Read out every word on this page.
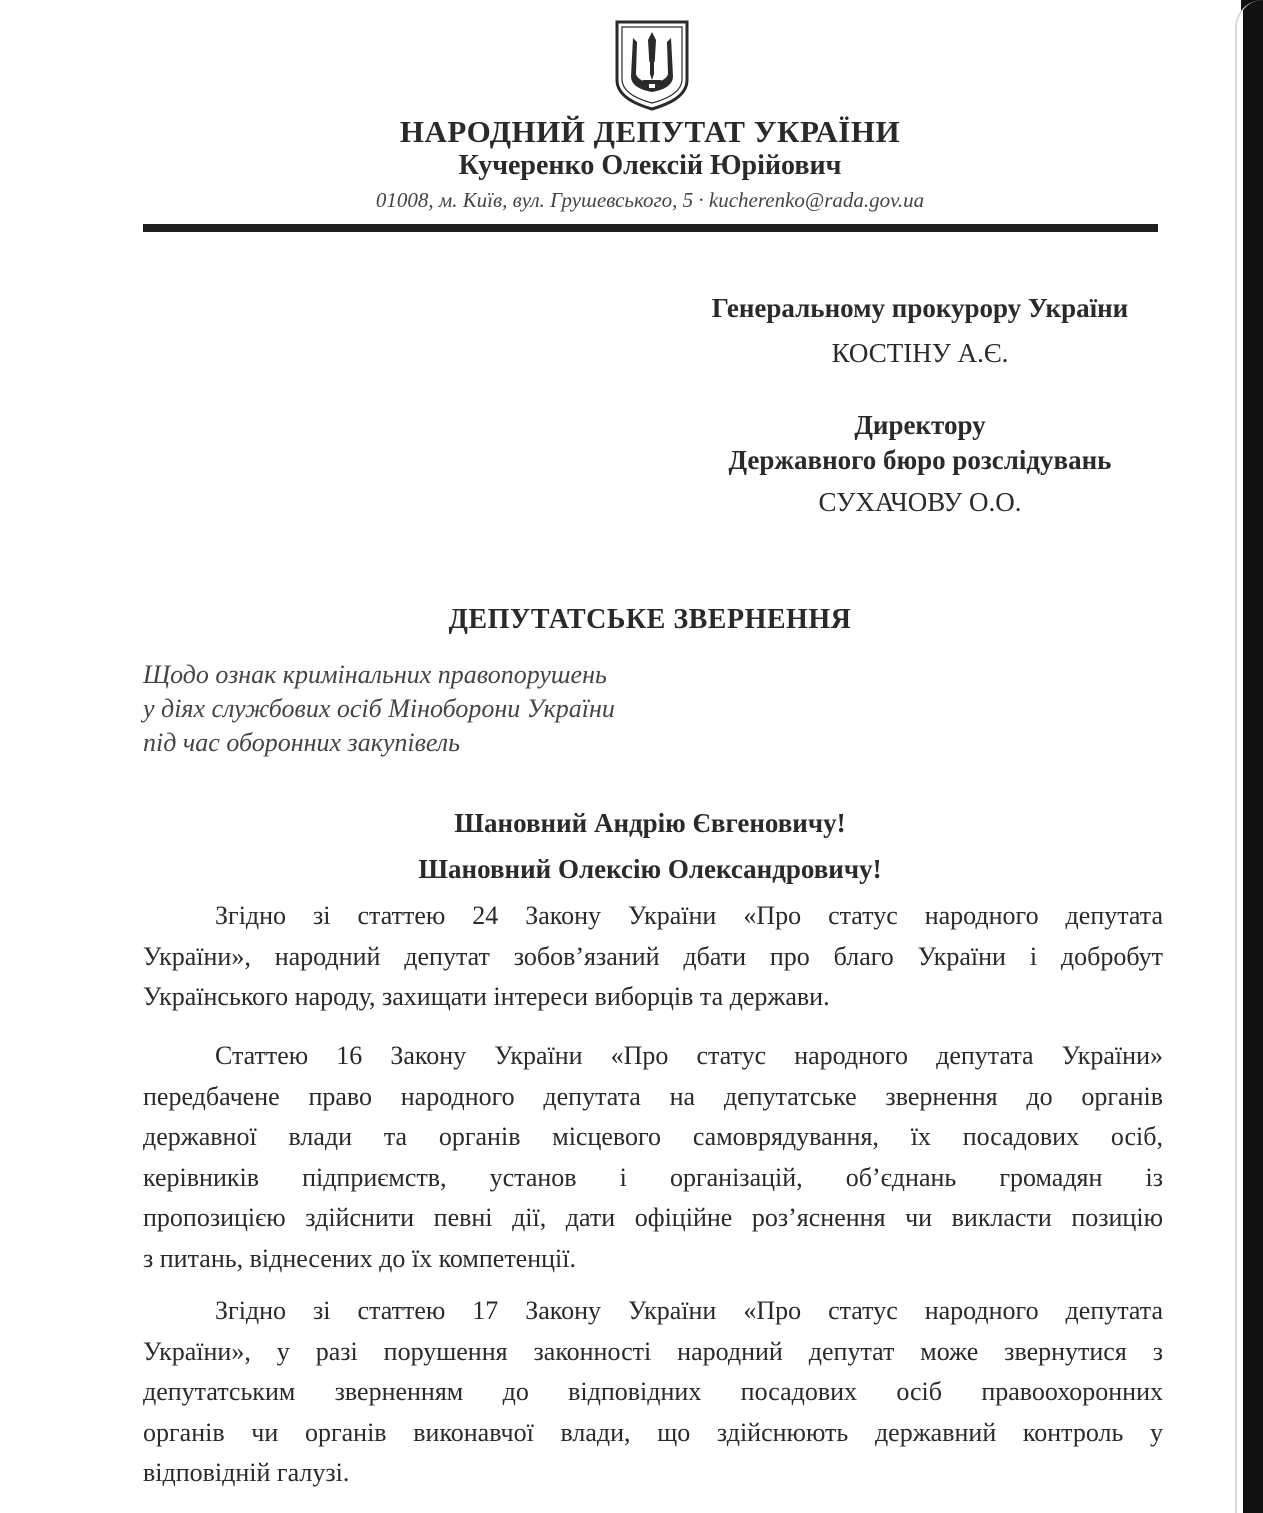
НАРОДНИЙ ДЕПУТАТ УКРАЇНИ
Кучеренко Олексій Юрійович
01008, м. Київ, вул. Грушевського, 5 · kucherenko@rada.gov.ua
Генеральному прокурору України
КОСТІНУ А.Є.
Директору
Державного бюро розслідувань
СУХАЧОВУ О.О.
ДЕПУТАТСЬКЕ ЗВЕРНЕННЯ
Щодо ознак кримінальних правопорушень
у діях службових осіб Міноборони України
під час оборонних закупівель
Шановний Андрію Євгеновичу!
Шановний Олексію Олександровичу!
Згідно зі статтею 24 Закону України «Про статус народного депутата
України», народний депутат зобов’язаний дбати про благо України і добробут
Українського народу, захищати інтереси виборців та держави.
Статтею 16 Закону України «Про статус народного депутата України»
передбачене право народного депутата на депутатське звернення до органів
державної влади та органів місцевого самоврядування, їх посадових осіб,
керівників підприємств, установ і організацій, об’єднань громадян із
пропозицією здійснити певні дії, дати офіційне роз’яснення чи викласти позицію
з питань, віднесених до їх компетенції.
Згідно зі статтею 17 Закону України «Про статус народного депутата
України», у разі порушення законності народний депутат може звернутися з
депутатським зверненням до відповідних посадових осіб правоохоронних
органів чи органів виконавчої влади, що здійснюють державний контроль у
відповідній галузі.
